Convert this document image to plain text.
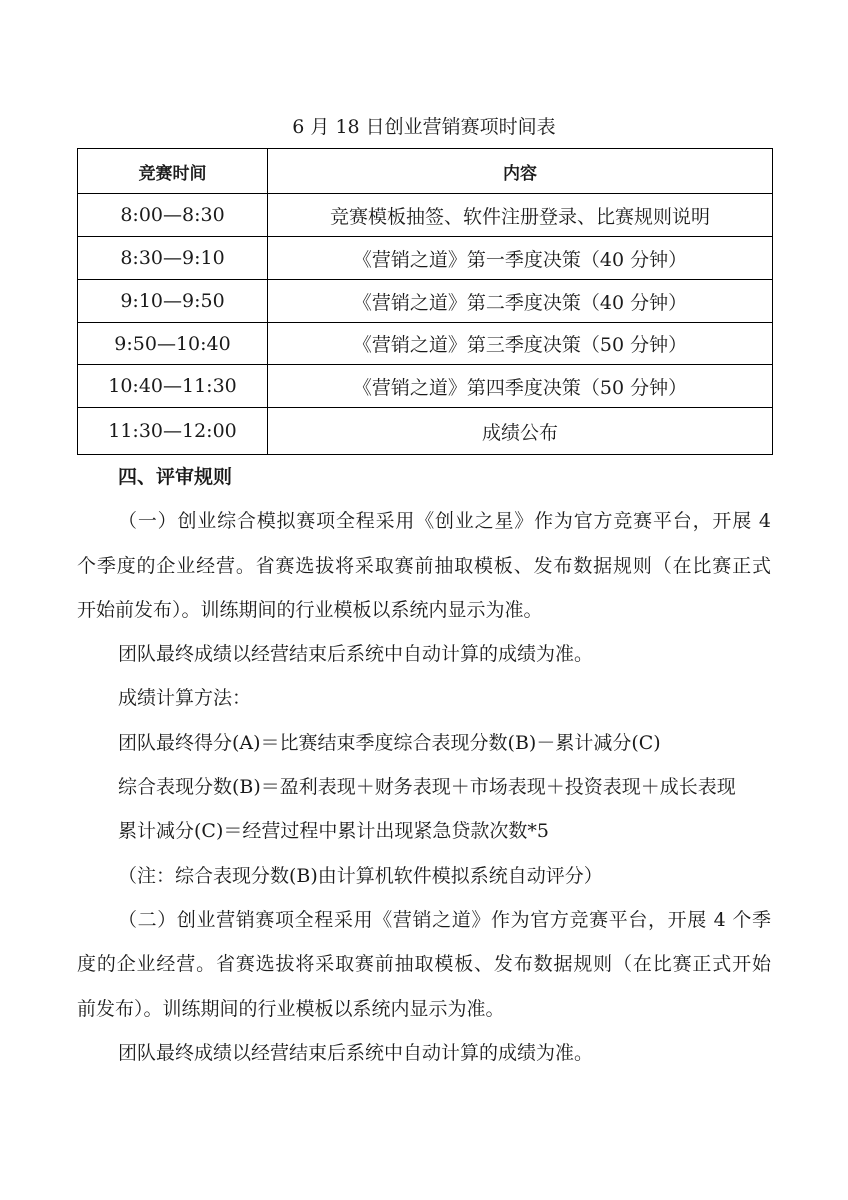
6 月 18 日创业营销赛项时间表
竞赛时间	内容
8:00—8:30	竞赛模板抽签、软件注册登录、比赛规则说明
8:30—9:10	《营销之道》第一季度决策（40 分钟）
9:10—9:50	《营销之道》第二季度决策（40 分钟）
9:50—10:40	《营销之道》第三季度决策（50 分钟）
10:40—11:30	《营销之道》第四季度决策（50 分钟）
11:30—12:00	成绩公布
四、评审规则
（一）创业综合模拟赛项全程采用《创业之星》作为官方竞赛平台，开展 4
个季度的企业经营。省赛选拔将采取赛前抽取模板、发布数据规则（在比赛正式
开始前发布）。训练期间的行业模板以系统内显示为准。
团队最终成绩以经营结束后系统中自动计算的成绩为准。
成绩计算方法：
团队最终得分(A)＝比赛结束季度综合表现分数(B)－累计减分(C)
综合表现分数(B)＝盈利表现＋财务表现＋市场表现＋投资表现＋成长表现
累计减分(C)＝经营过程中累计出现紧急贷款次数*5
（注：综合表现分数(B)由计算机软件模拟系统自动评分）
（二）创业营销赛项全程采用《营销之道》作为官方竞赛平台，开展 4 个季
度的企业经营。省赛选拔将采取赛前抽取模板、发布数据规则（在比赛正式开始
前发布）。训练期间的行业模板以系统内显示为准。
团队最终成绩以经营结束后系统中自动计算的成绩为准。
